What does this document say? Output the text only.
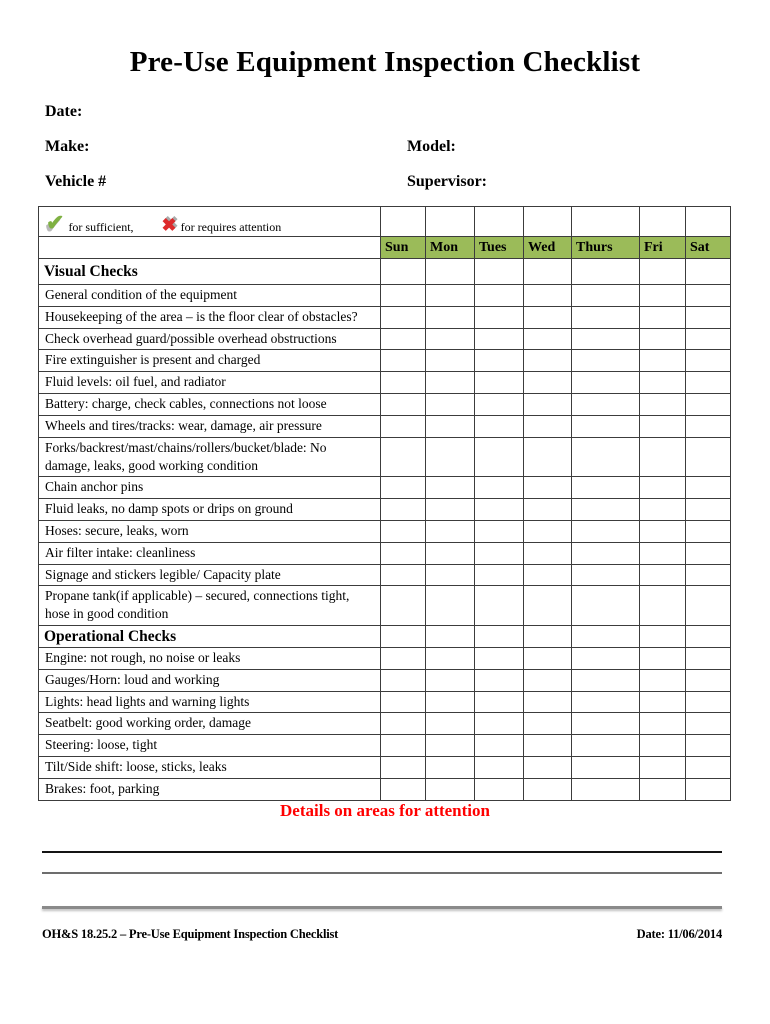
Pre-Use Equipment Inspection Checklist
Date:
Make:
Vehicle #
Model:
Supervisor:
✔ for sufficient, ✖ for requires attention							
	Sun	Mon	Tues	Wed	Thurs	Fri	Sat
Visual Checks							
General condition of the equipment							
Housekeeping of the area – is the floor clear of obstacles?							
Check overhead guard/possible overhead obstructions							
Fire extinguisher is present and charged							
Fluid levels: oil fuel, and radiator							
Battery: charge, check cables, connections not loose							
Wheels and tires/tracks: wear, damage, air pressure							
Forks/backrest/mast/chains/rollers/bucket/blade: No damage, leaks, good working condition							
Chain anchor pins							
Fluid leaks, no damp spots or drips on ground							
Hoses: secure, leaks, worn							
Air filter intake: cleanliness							
Signage and stickers legible/ Capacity plate							
Propane tank(if applicable) – secured, connections tight, hose in good condition							
Operational Checks							
Engine: not rough, no noise or leaks							
Gauges/Horn: loud and working							
Lights: head lights and warning lights							
Seatbelt: good working order, damage							
Steering: loose, tight							
Tilt/Side shift: loose, sticks, leaks							
Brakes: foot, parking							
Details on areas for attention
OH&S 18.25.2 – Pre-Use Equipment Inspection Checklist	Date: 11/06/2014
